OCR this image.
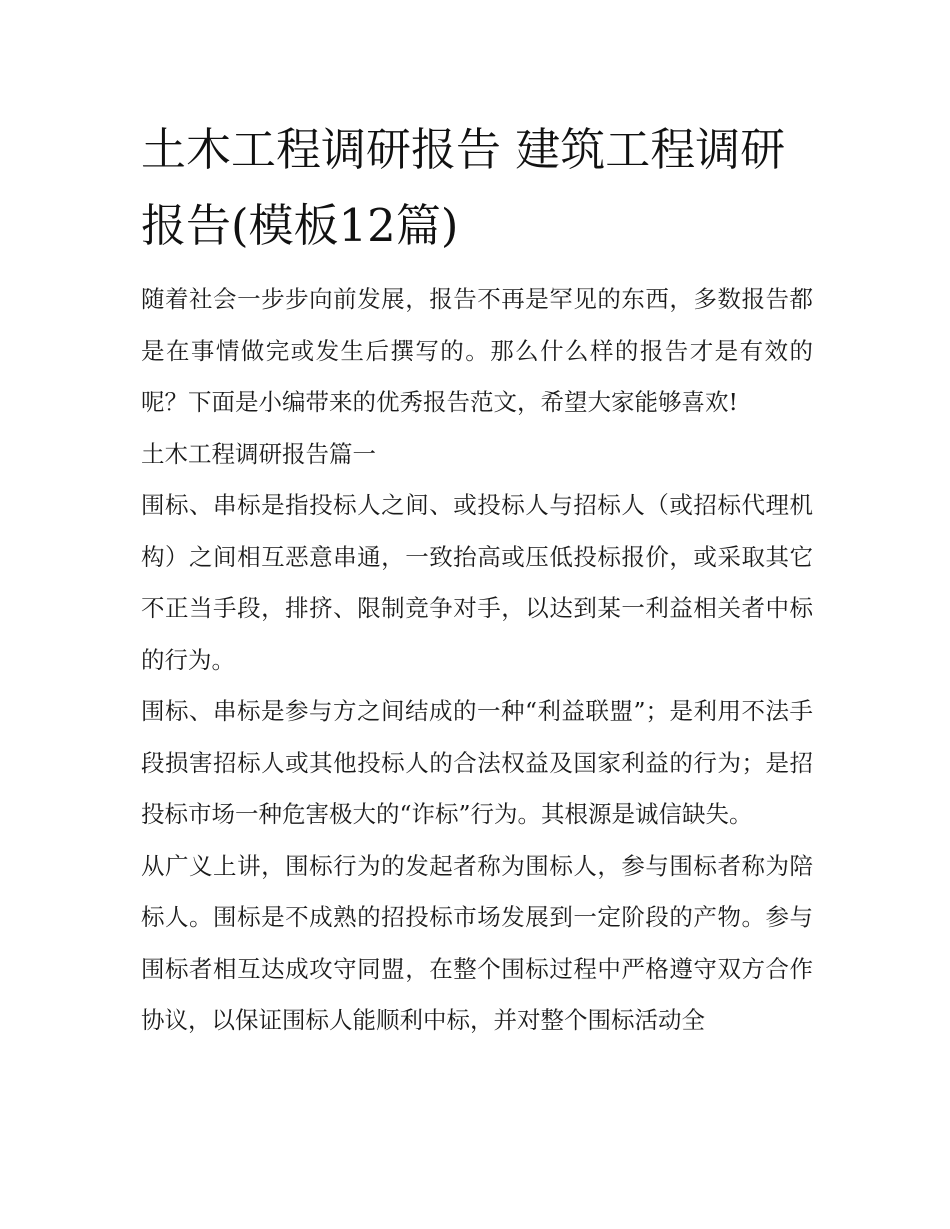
土木工程调研报告 建筑工程调研报告(模板12篇)

随着社会一步步向前发展，报告不再是罕见的东西，多数报告都是在事情做完或发生后撰写的。那么什么样的报告才是有效的呢？下面是小编带来的优秀报告范文，希望大家能够喜欢!

土木工程调研报告篇一

围标、串标是指投标人之间、或投标人与招标人（或招标代理机构）之间相互恶意串通，一致抬高或压低投标报价，或采取其它不正当手段，排挤、限制竞争对手，以达到某一利益相关者中标的行为。

围标、串标是参与方之间结成的一种“利益联盟”；是利用不法手段损害招标人或其他投标人的合法权益及国家利益的行为；是招投标市场一种危害极大的“诈标”行为。其根源是诚信缺失。

从广义上讲，围标行为的发起者称为围标人，参与围标者称为陪标人。围标是不成熟的招投标市场发展到一定阶段的产物。参与围标者相互达成攻守同盟，在整个围标过程中严格遵守双方合作协议，以保证围标人能顺利中标，并对整个围标活动全
